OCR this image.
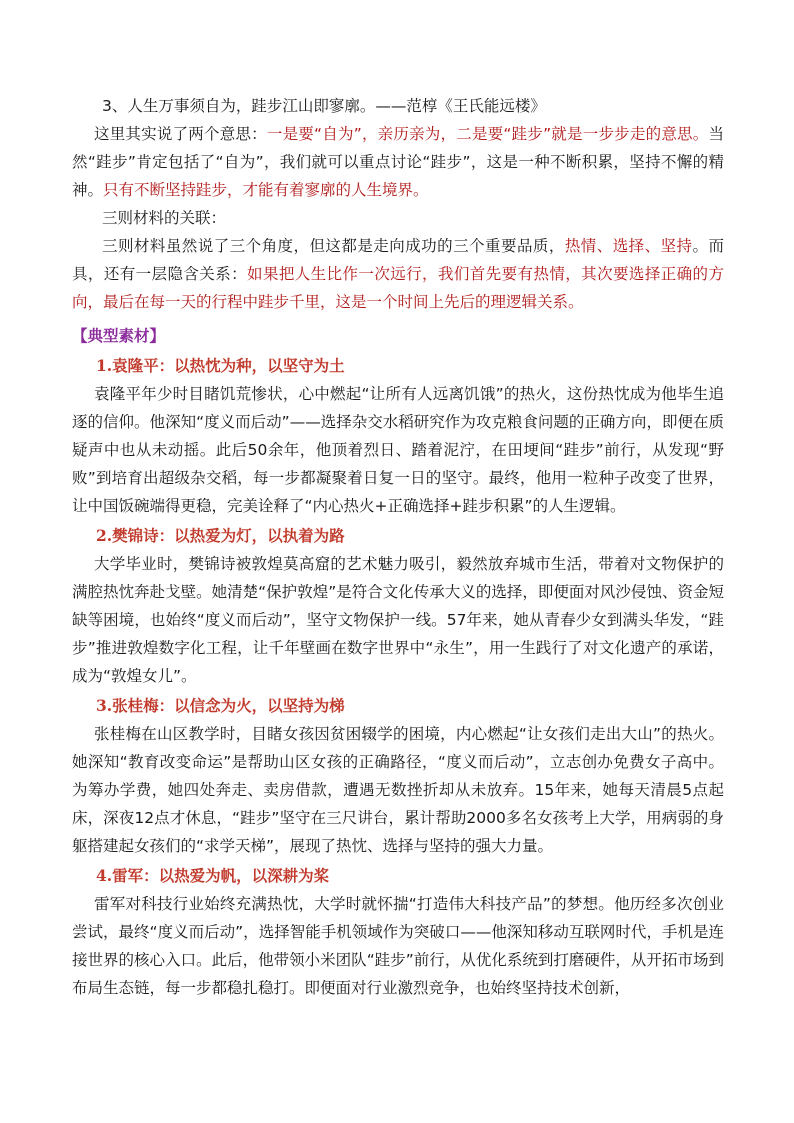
3、人生万事须自为，跬步江山即寥廓。——范椁《王氏能远楼》

这里其实说了两个意思：一是要“自为”，亲历亲为，二是要“跬步”就是一步步走的意思。当然“跬步”肯定包括了“自为”，我们就可以重点讨论“跬步”，这是一种不断积累，坚持不懈的精神。只有不断坚持跬步，才能有着寥廓的人生境界。

三则材料的关联：

三则材料虽然说了三个角度，但这都是走向成功的三个重要品质，热情、选择、坚持。而具，还有一层隐含关系：如果把人生比作一次远行，我们首先要有热情，其次要选择正确的方向，最后在每一天的行程中跬步千里，这是一个时间上先后的理逻辑关系。

【典型素材】
1.袁隆平：以热忱为种，以坚守为土

袁隆平年少时目睹饥荒惨状，心中燃起“让所有人远离饥饿”的热火，这份热忱成为他毕生追逐的信仰。他深知“度义而后动”——选择杂交水稻研究作为攻克粮食问题的正确方向，即便在质疑声中也从未动摇。此后50余年，他顶着烈日、踏着泥泞，在田埂间“跬步”前行，从发现“野败”到培育出超级杂交稻，每一步都凝聚着日复一日的坚守。最终，他用一粒种子改变了世界，让中国饭碗端得更稳，完美诠释了“内心热火+正确选择+跬步积累”的人生逻辑。

2.樊锦诗：以热爱为灯，以执着为路

大学毕业时，樊锦诗被敦煌莫高窟的艺术魅力吸引，毅然放弃城市生活，带着对文物保护的满腔热忱奔赴戈壁。她清楚“保护敦煌”是符合文化传承大义的选择，即便面对风沙侵蚀、资金短缺等困境，也始终“度义而后动”，坚守文物保护一线。57年来，她从青春少女到满头华发，“跬步”推进敦煌数字化工程，让千年壁画在数字世界中“永生”，用一生践行了对文化遗产的承诺，成为“敦煌女儿”。

3.张桂梅：以信念为火，以坚持为梯

张桂梅在山区教学时，目睹女孩因贫困辍学的困境，内心燃起“让女孩们走出大山”的热火。她深知“教育改变命运”是帮助山区女孩的正确路径，“度义而后动”，立志创办免费女子高中。为筹办学费，她四处奔走、卖房借款，遭遇无数挫折却从未放弃。15年来，她每天清晨5点起床，深夜12点才休息，“跬步”坚守在三尺讲台，累计帮助2000多名女孩考上大学，用病弱的身躯搭建起女孩们的“求学天梯”，展现了热忱、选择与坚持的强大力量。

4.雷军：以热爱为帆，以深耕为桨

雷军对科技行业始终充满热忱，大学时就怀揣“打造伟大科技产品”的梦想。他历经多次创业尝试，最终“度义而后动”，选择智能手机领域作为突破口——他深知移动互联网时代，手机是连接世界的核心入口。此后，他带领小米团队“跬步”前行，从优化系统到打磨硬件，从开拓市场到布局生态链，每一步都稳扎稳打。即便面对行业激烈竞争，也始终坚持技术创新，
